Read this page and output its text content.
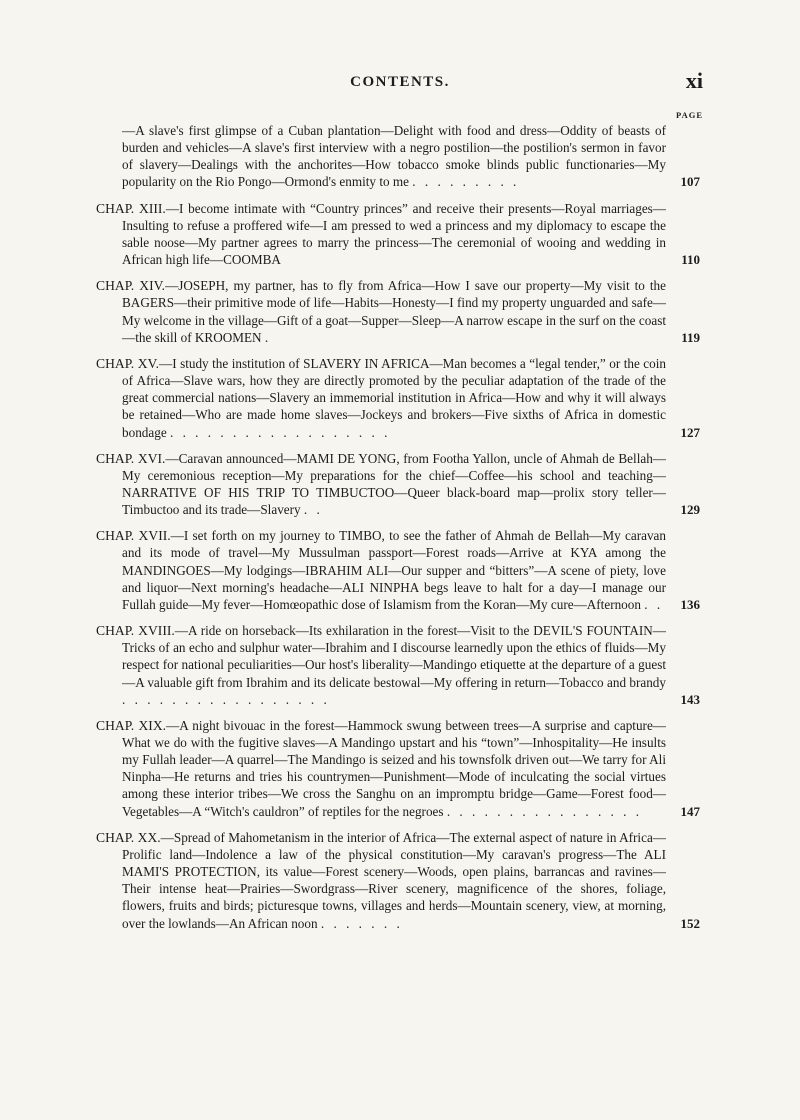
CONTENTS.	xi
PAGE
—A slave's first glimpse of a Cuban plantation—Delight with food and dress—Oddity of beasts of burden and vehicles—A slave's first interview with a negro postilion—the postilion's sermon in favor of slavery—Dealings with the anchorites—How tobacco smoke blinds public functionaries—My popularity on the Rio Pongo—Ormond's enmity to me . . . . . . . . .	107
CHAP. XIII.—I become intimate with “Country princes” and receive their presents—Royal marriages—Insulting to refuse a proffered wife—I am pressed to wed a princess and my diplomacy to escape the sable noose—My partner agrees to marry the princess—The ceremonial of wooing and wedding in African high life—COOMBA	110
CHAP. XIV.—JOSEPH, my partner, has to fly from Africa—How I save our property—My visit to the BAGERS—their primitive mode of life—Habits—Honesty—I find my property unguarded and safe—My welcome in the village—Gift of a goat—Supper—Sleep—A narrow escape in the surf on the coast—the skill of KROOMEN .	119
CHAP. XV.—I study the institution of SLAVERY IN AFRICA—Man becomes a “legal tender,” or the coin of Africa—Slave wars, how they are directly promoted by the peculiar adaptation of the trade of the great commercial nations—Slavery an immemorial institution in Africa—How and why it will always be retained—Who are made home slaves—Jockeys and brokers—Five sixths of Africa in domestic bondage . . . . . . . . . . . . . . . . . .	127
CHAP. XVI.—Caravan announced—MAMI DE YONG, from Footha Yallon, uncle of Ahmah de Bellah—My ceremonious reception—My preparations for the chief—Coffee—his school and teaching—NARRATIVE OF HIS TRIP TO TIMBUCTOO—Queer black-board map—prolix story teller—Timbuctoo and its trade—Slavery . .	129
CHAP. XVII.—I set forth on my journey to TIMBO, to see the father of Ahmah de Bellah—My caravan and its mode of travel—My Mussulman passport—Forest roads—Arrive at KYA among the MANDINGOES—My lodgings—IBRAHIM ALI—Our supper and “bitters”—A scene of piety, love and liquor—Next morning's headache—ALI NINPHA begs leave to halt for a day—I manage our Fullah guide—My fever—Homœopathic dose of Islamism from the Koran—My cure—Afternoon . . 136
CHAP. XVIII.—A ride on horseback—Its exhilaration in the forest—Visit to the DEVIL'S FOUNTAIN—Tricks of an echo and sulphur water—Ibrahim and I discourse learnedly upon the ethics of fluids—My respect for national peculiarities—Our host's liberality—Mandingo etiquette at the departure of a guest—A valuable gift from Ibrahim and its delicate bestowal—My offering in return—Tobacco and brandy . . . . . . . . . . . . . . . . .	143
CHAP. XIX.—A night bivouac in the forest—Hammock swung between trees—A surprise and capture—What we do with the fugitive slaves—A Mandingo upstart and his “town”—Inhospitality—He insults my Fullah leader—A quarrel—The Mandingo is seized and his townsfolk driven out—We tarry for Ali Ninpha—He returns and tries his countrymen—Punishment—Mode of inculcating the social virtues among these interior tribes—We cross the Sanghu on an impromptu bridge—Game—Forest food—Vegetables—A “Witch's cauldron” of reptiles for the negroes . . . . . . . . . . . . . . . .	147
CHAP. XX.—Spread of Mahometanism in the interior of Africa—The external aspect of nature in Africa—Prolific land—Indolence a law of the physical constitution—My caravan's progress—The ALI MAMI'S PROTECTION, its value—Forest scenery—Woods, open plains, barrancas and ravines—Their intense heat—Prairies—Swordgrass—River scenery, magnificence of the shores, foliage, flowers, fruits and birds; picturesque towns, villages and herds—Mountain scenery, view, at morning, over the lowlands—An African noon . . . . . . .	152
